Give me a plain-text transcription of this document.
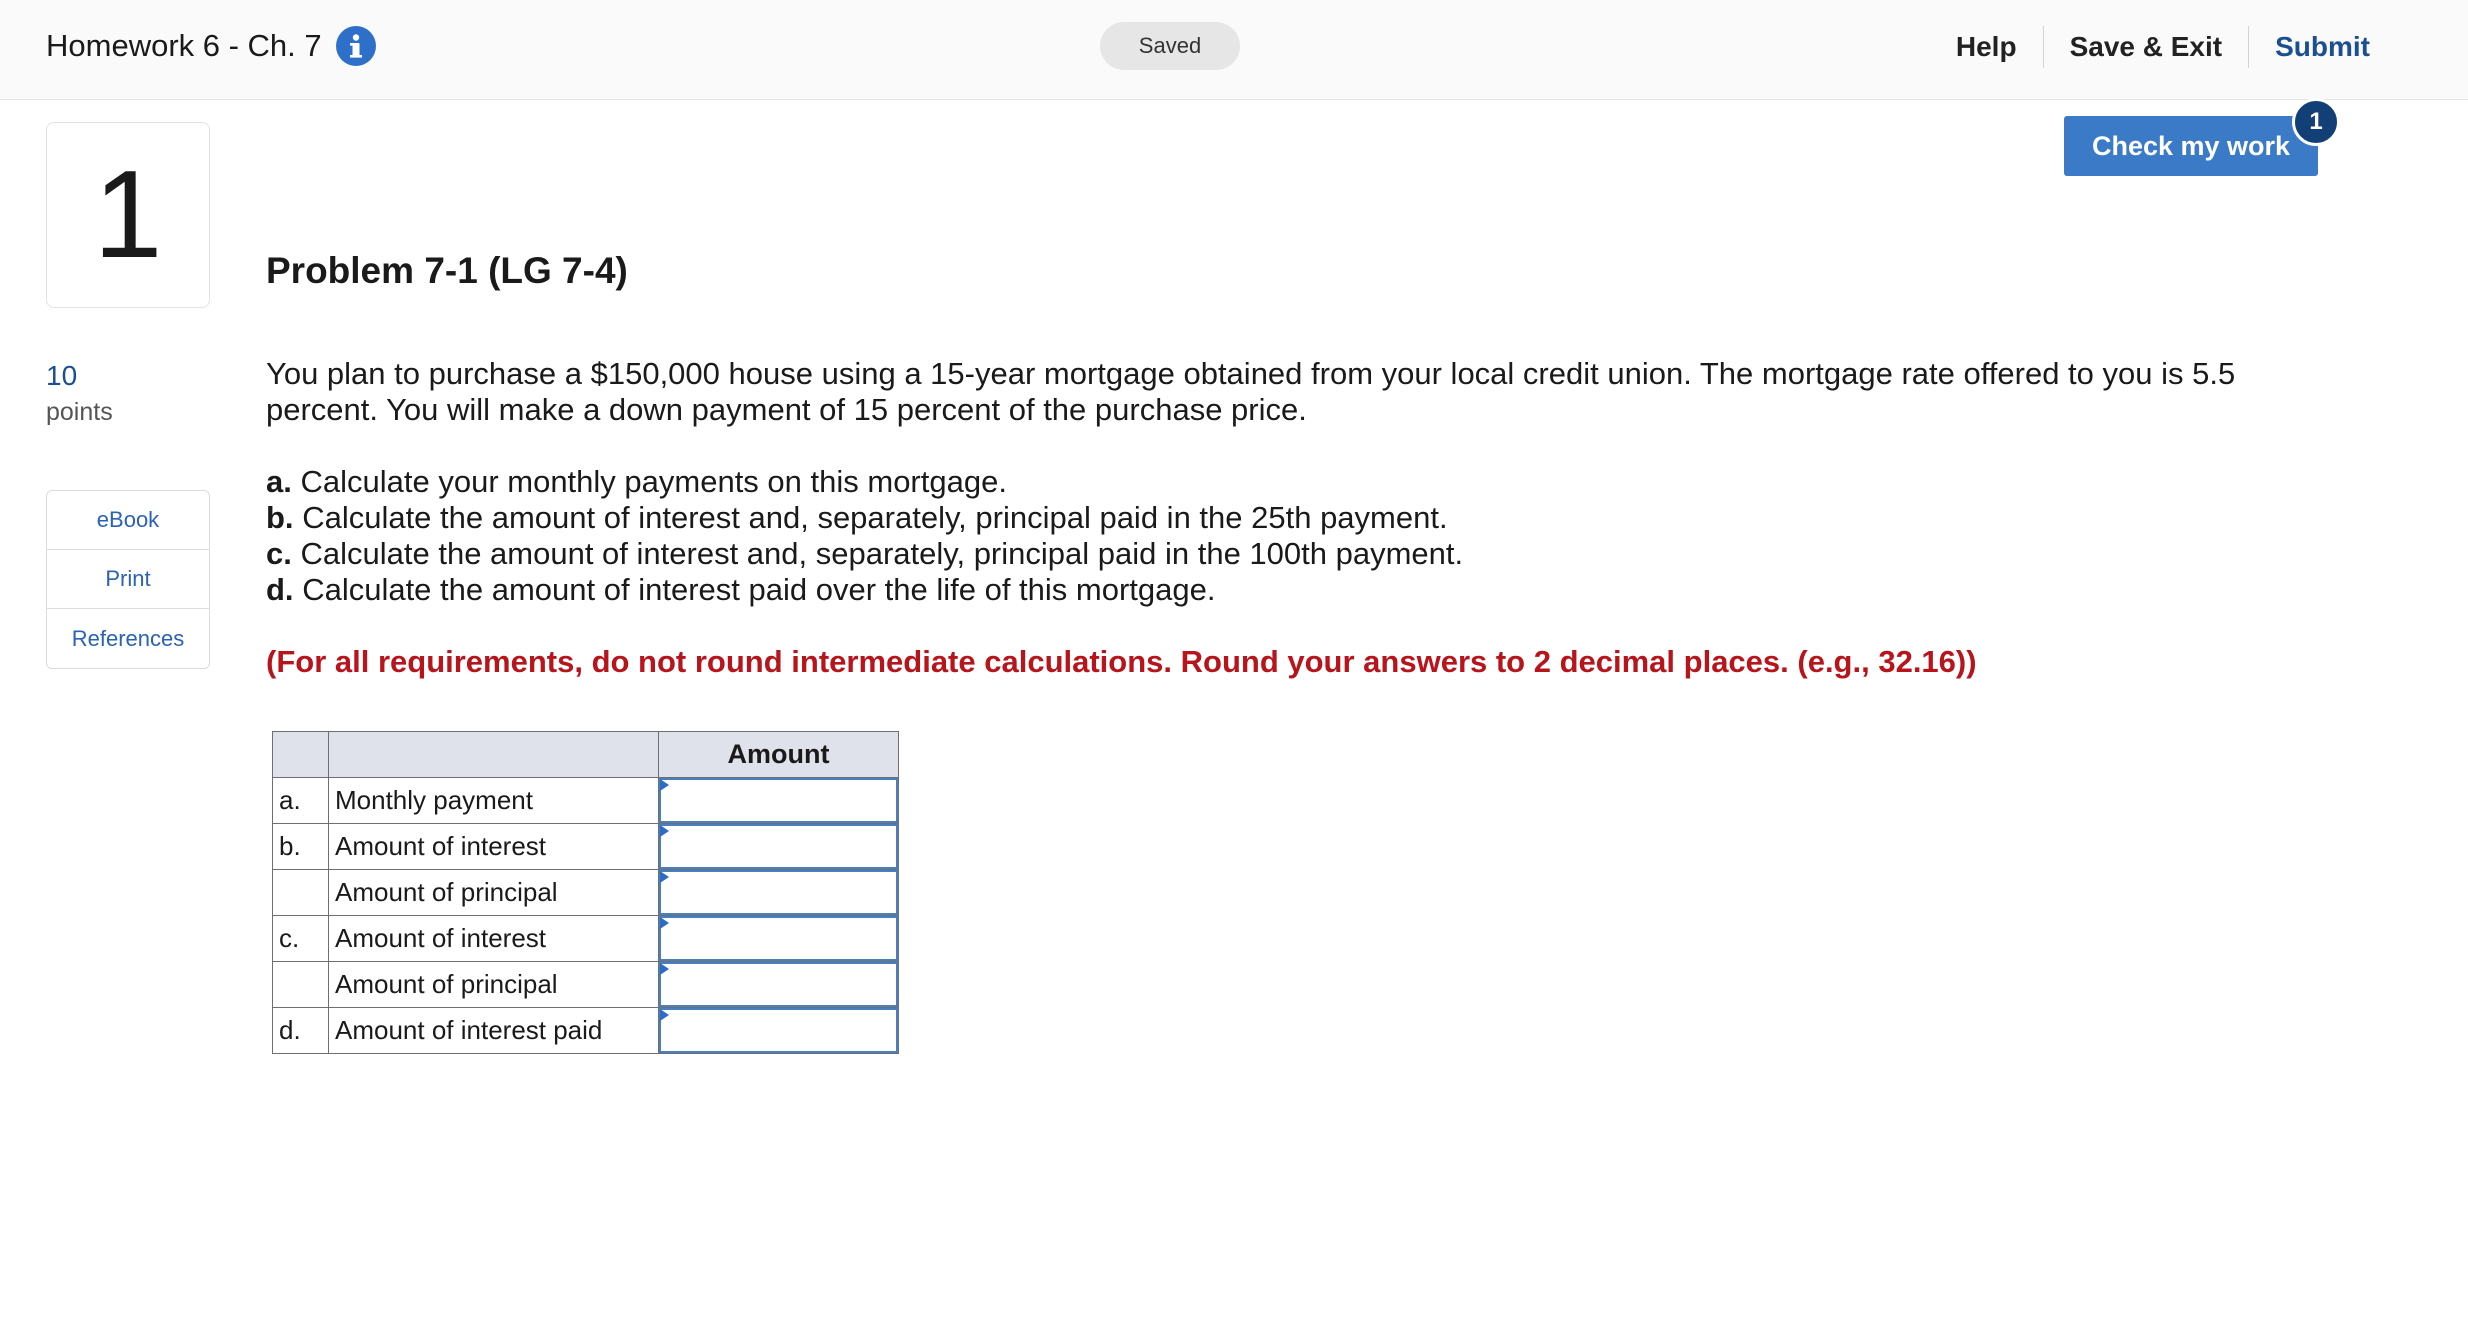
Homework 6 - Ch. 7	Saved	Help	Save & Exit	Submit
1
10
points
eBook
Print
References
Check my work
1
Problem 7-1 (LG 7-4)
You plan to purchase a $150,000 house using a 15-year mortgage obtained from your local credit union. The mortgage rate offered to you is 5.5 percent. You will make a down payment of 15 percent of the purchase price.
a. Calculate your monthly payments on this mortgage.
b. Calculate the amount of interest and, separately, principal paid in the 25th payment.
c. Calculate the amount of interest and, separately, principal paid in the 100th payment.
d. Calculate the amount of interest paid over the life of this mortgage.
(For all requirements, do not round intermediate calculations. Round your answers to 2 decimal places. (e.g., 32.16))
		Amount
a.	Monthly payment	

b.	Amount of interest	

	Amount of principal	

c.	Amount of interest	

	Amount of principal	

d.	Amount of interest paid	
